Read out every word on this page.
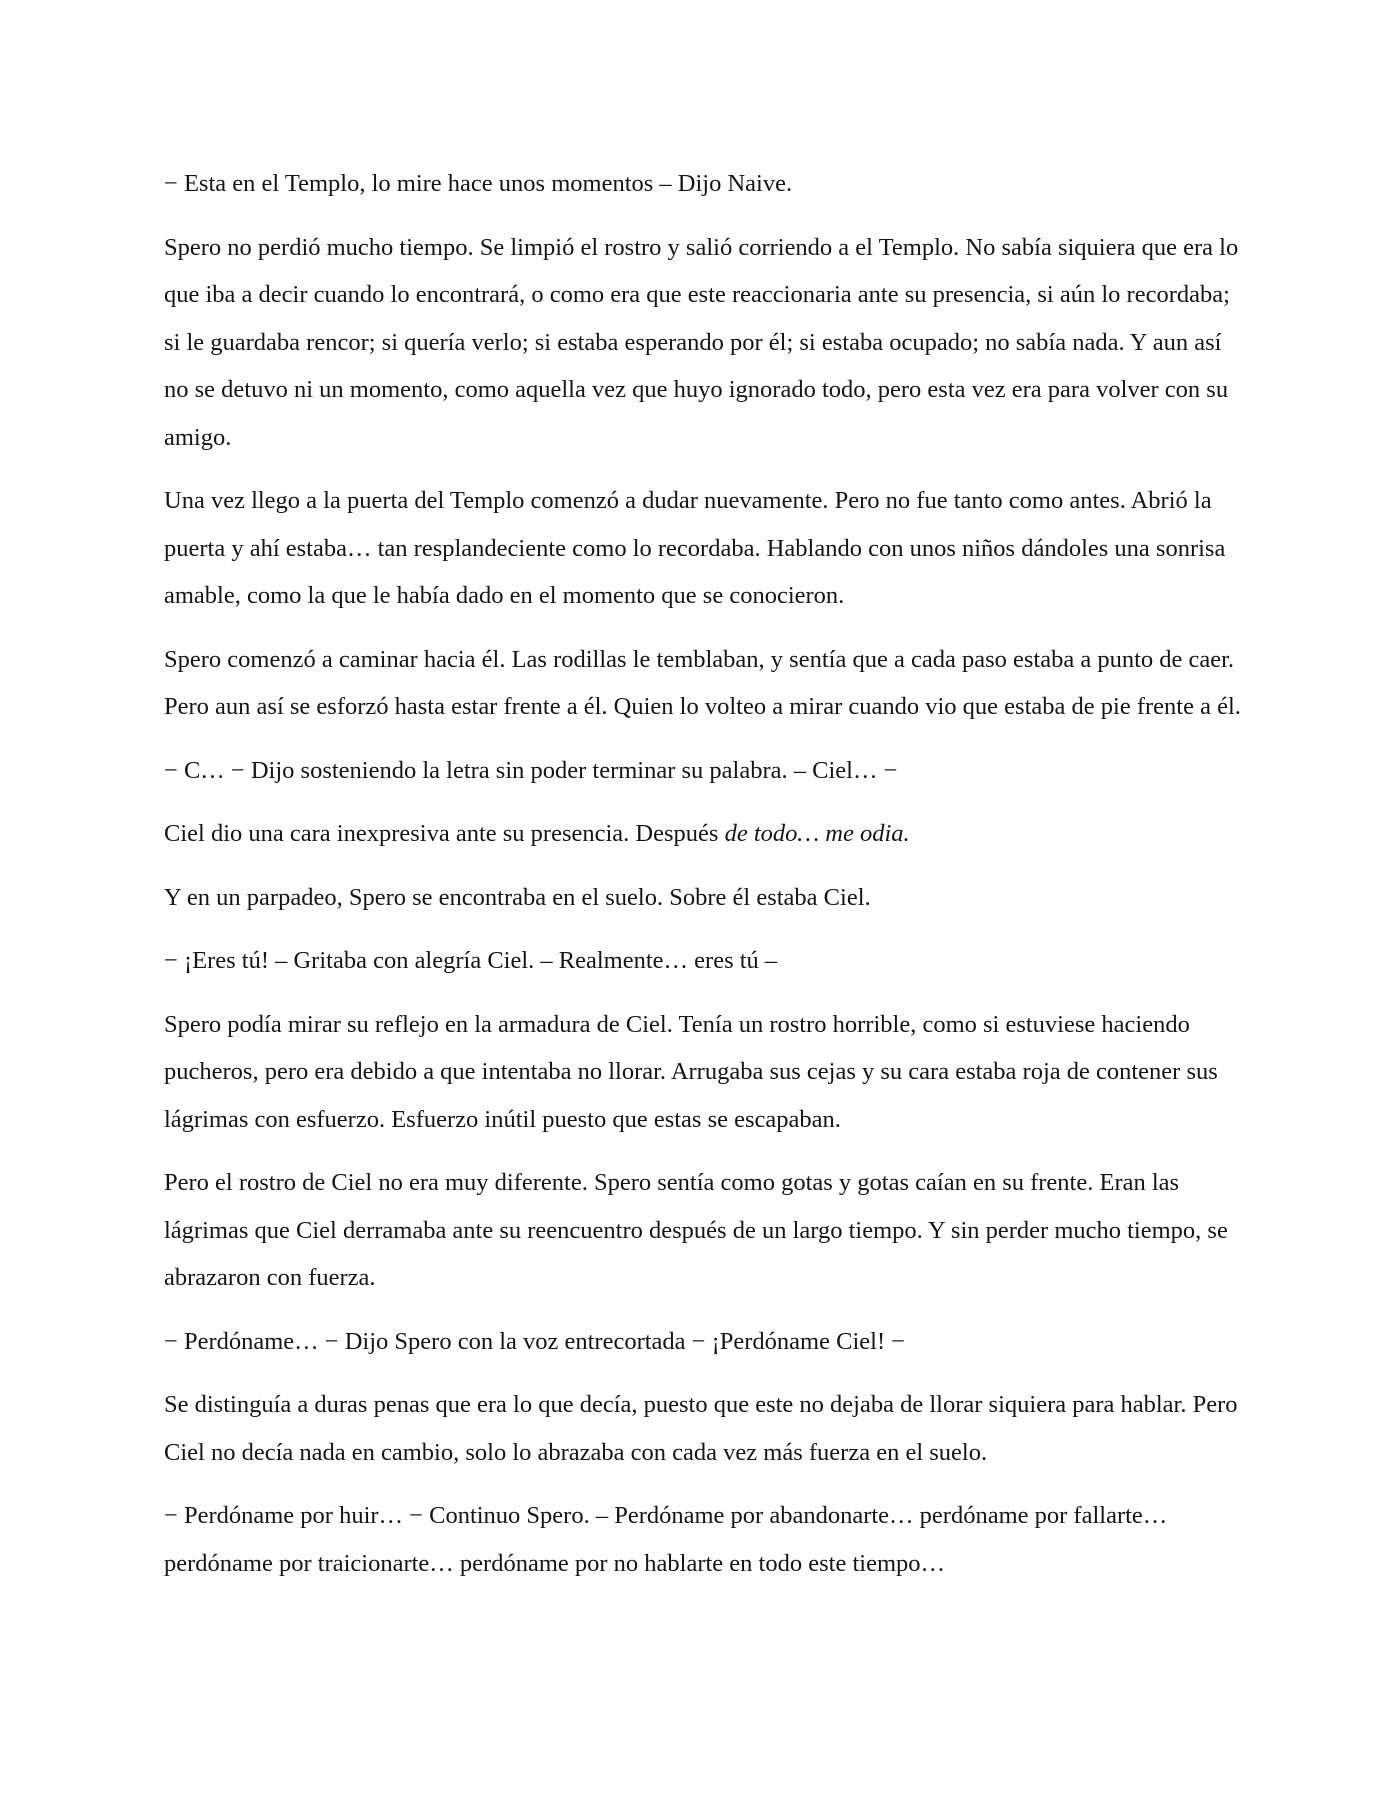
− Esta en el Templo, lo mire hace unos momentos – Dijo Naive.

Spero no perdió mucho tiempo. Se limpió el rostro y salió corriendo a el Templo. No sabía siquiera que era lo que iba a decir cuando lo encontrará, o como era que este reaccionaria ante su presencia, si aún lo recordaba; si le guardaba rencor; si quería verlo; si estaba esperando por él; si estaba ocupado; no sabía nada. Y aun así no se detuvo ni un momento, como aquella vez que huyo ignorado todo, pero esta vez era para volver con su amigo.

Una vez llego a la puerta del Templo comenzó a dudar nuevamente. Pero no fue tanto como antes. Abrió la puerta y ahí estaba… tan resplandeciente como lo recordaba. Hablando con unos niños dándoles una sonrisa amable, como la que le había dado en el momento que se conocieron.

Spero comenzó a caminar hacia él. Las rodillas le temblaban, y sentía que a cada paso estaba a punto de caer. Pero aun así se esforzó hasta estar frente a él. Quien lo volteo a mirar cuando vio que estaba de pie frente a él.

− C… − Dijo sosteniendo la letra sin poder terminar su palabra. – Ciel… −

Ciel dio una cara inexpresiva ante su presencia. Después de todo… me odia.

Y en un parpadeo, Spero se encontraba en el suelo. Sobre él estaba Ciel.

− ¡Eres tú! – Gritaba con alegría Ciel. – Realmente… eres tú –

Spero podía mirar su reflejo en la armadura de Ciel. Tenía un rostro horrible, como si estuviese haciendo pucheros, pero era debido a que intentaba no llorar. Arrugaba sus cejas y su cara estaba roja de contener sus lágrimas con esfuerzo. Esfuerzo inútil puesto que estas se escapaban.

Pero el rostro de Ciel no era muy diferente. Spero sentía como gotas y gotas caían en su frente. Eran las lágrimas que Ciel derramaba ante su reencuentro después de un largo tiempo. Y sin perder mucho tiempo, se abrazaron con fuerza.

− Perdóname… − Dijo Spero con la voz entrecortada − ¡Perdóname Ciel! −

Se distinguía a duras penas que era lo que decía, puesto que este no dejaba de llorar siquiera para hablar. Pero Ciel no decía nada en cambio, solo lo abrazaba con cada vez más fuerza en el suelo.

− Perdóname por huir… − Continuo Spero. – Perdóname por abandonarte… perdóname por fallarte… perdóname por traicionarte… perdóname por no hablarte en todo este tiempo…
